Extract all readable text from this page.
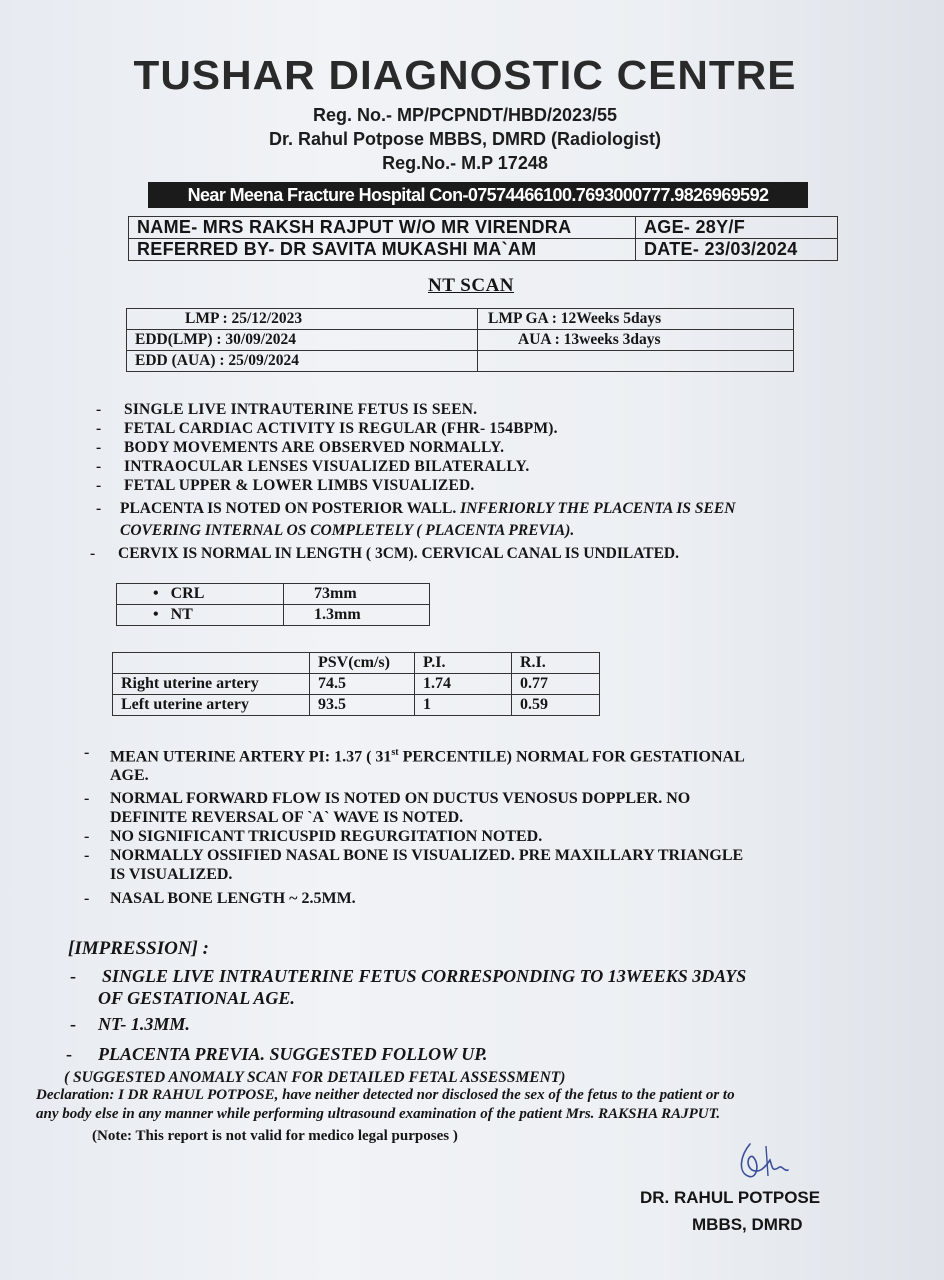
TUSHAR DIAGNOSTIC CENTRE
Reg. No.- MP/PCPNDT/HBD/2023/55
Dr. Rahul Potpose MBBS, DMRD (Radiologist)
Reg.No.- M.P 17248
Near Meena Fracture Hospital Con-07574466100.7693000777.9826969592
NAME- MRS RAKSH RAJPUT W/O MR VIRENDRA	AGE- 28Y/F
REFERRED BY- DR SAVITA MUKASHI MA`AM	DATE- 23/03/2024
NT SCAN
LMP : 25/12/2023	LMP GA : 12Weeks 5days
EDD(LMP) : 30/09/2024	AUA : 13weeks 3days
EDD (AUA) : 25/09/2024	
- SINGLE LIVE INTRAUTERINE FETUS IS SEEN.
- FETAL CARDIAC ACTIVITY IS REGULAR (FHR- 154BPM).
- BODY MOVEMENTS ARE OBSERVED NORMALLY.
- INTRAOCULAR LENSES VISUALIZED BILATERALLY.
- FETAL UPPER & LOWER LIMBS VISUALIZED.
- PLACENTA IS NOTED ON POSTERIOR WALL. INFERIORLY THE PLACENTA IS SEEN
COVERING INTERNAL OS COMPLETELY ( PLACENTA PREVIA).
- CERVIX IS NORMAL IN LENGTH ( 3CM). CERVICAL CANAL IS UNDILATED.
• CRL	73mm
• NT	1.3mm
	PSV(cm/s)	P.I.	R.I.
Right uterine artery	74.5	1.74	0.77
Left uterine artery	93.5	1	0.59
- MEAN UTERINE ARTERY PI: 1.37 ( 31st PERCENTILE) NORMAL FOR GESTATIONAL
AGE.
- NORMAL FORWARD FLOW IS NOTED ON DUCTUS VENOSUS DOPPLER. NO
DEFINITE REVERSAL OF `A` WAVE IS NOTED.
- NO SIGNIFICANT TRICUSPID REGURGITATION NOTED.
- NORMALLY OSSIFIED NASAL BONE IS VISUALIZED. PRE MAXILLARY TRIANGLE
IS VISUALIZED.
- NASAL BONE LENGTH ~ 2.5MM.
[IMPRESSION] :
- SINGLE LIVE INTRAUTERINE FETUS CORRESPONDING TO 13WEEKS 3DAYS
OF GESTATIONAL AGE.
- NT- 1.3MM.
- PLACENTA PREVIA. SUGGESTED FOLLOW UP.
( SUGGESTED ANOMALY SCAN FOR DETAILED FETAL ASSESSMENT)
Declaration: I DR RAHUL POTPOSE, have neither detected nor disclosed the sex of the fetus to the patient or to
any body else in any manner while performing ultrasound examination of the patient Mrs. RAKSHA RAJPUT.
(Note: This report is not valid for medico legal purposes )
DR. RAHUL POTPOSE
MBBS, DMRD
